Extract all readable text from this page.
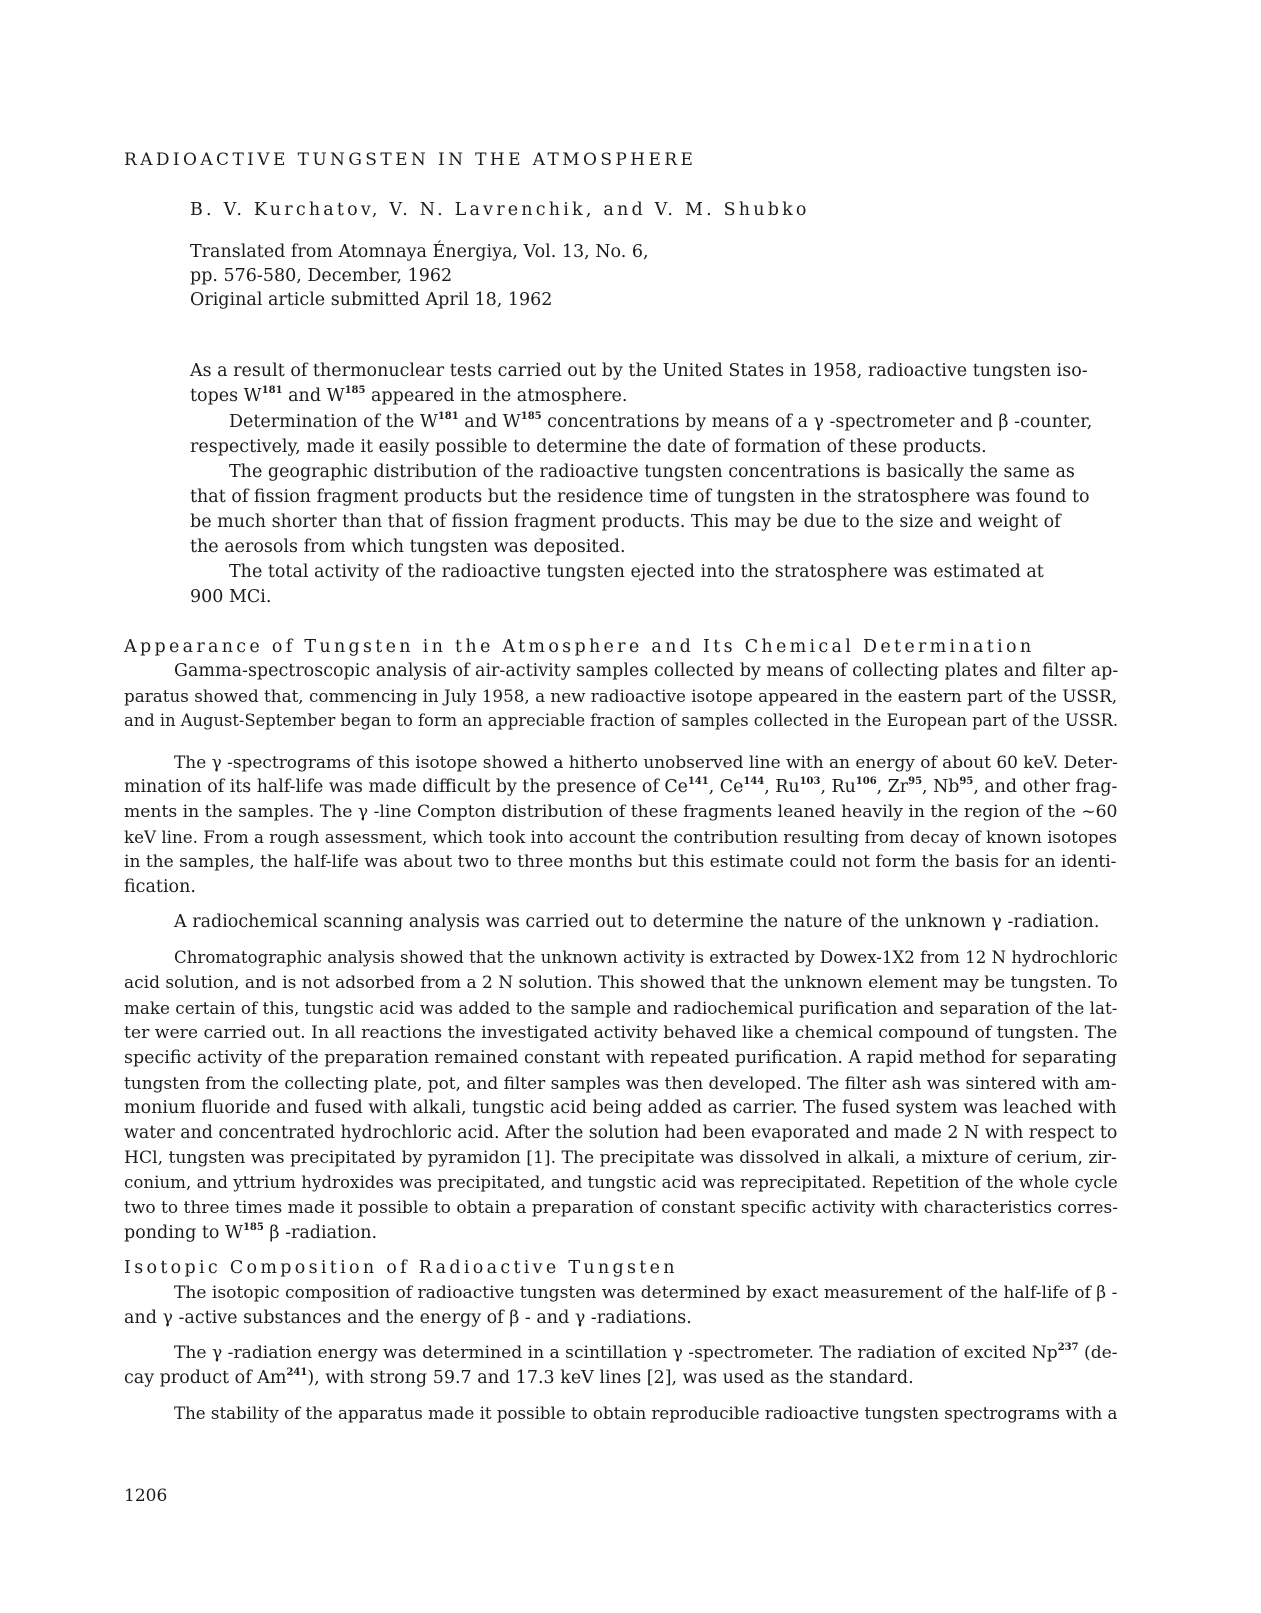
RADIOACTIVE TUNGSTEN IN THE ATMOSPHERE
B. V. Kurchatov, V. N. Lavrenchik, and V. M. Shubko
Translated from Atomnaya Énergiya, Vol. 13, No. 6,
pp. 576-580, December, 1962
Original article submitted April 18, 1962
As a result of thermonuclear tests carried out by the United States in 1958, radioactive tungsten iso-
topes $W^{181}$ and $W^{185}$ appeared in the atmosphere.
Determination of the $W^{181}$ and $W^{185}$ concentrations by means of a γ -spectrometer and β -counter,
respectively, made it easily possible to determine the date of formation of these products.
The geographic distribution of the radioactive tungsten concentrations is basically the same as
that of fission fragment products but the residence time of tungsten in the stratosphere was found to
be much shorter than that of fission fragment products. This may be due to the size and weight of
the aerosols from which tungsten was deposited.
The total activity of the radioactive tungsten ejected into the stratosphere was estimated at
900 MCi.
Appearance of Tungsten in the Atmosphere and Its Chemical Determination
Gamma-spectroscopic analysis of air-activity samples collected by means of collecting plates and filter ap-
paratus showed that, commencing in July 1958, a new radioactive isotope appeared in the eastern part of the USSR,
and in August-September began to form an appreciable fraction of samples collected in the European part of the USSR.
The γ -spectrograms of this isotope showed a hitherto unobserved line with an energy of about 60 keV. Deter-
mination of its half-life was made difficult by the presence of Ce$^{141}$, Ce$^{144}$, Ru$^{103}$, Ru$^{106}$, Zr$^{95}$, Nb$^{95}$, and other frag-
ments in the samples. The γ -line Compton distribution of these fragments leaned heavily in the region of the ~60
keV line. From a rough assessment, which took into account the contribution resulting from decay of known isotopes
in the samples, the half-life was about two to three months but this estimate could not form the basis for an identi-
fication.
A radiochemical scanning analysis was carried out to determine the nature of the unknown γ -radiation.
Chromatographic analysis showed that the unknown activity is extracted by Dowex-1X2 from 12 N hydrochloric
acid solution, and is not adsorbed from a 2 N solution. This showed that the unknown element may be tungsten. To
make certain of this, tungstic acid was added to the sample and radiochemical purification and separation of the lat-
ter were carried out. In all reactions the investigated activity behaved like a chemical compound of tungsten. The
specific activity of the preparation remained constant with repeated purification. A rapid method for separating
tungsten from the collecting plate, pot, and filter samples was then developed. The filter ash was sintered with am-
monium fluoride and fused with alkali, tungstic acid being added as carrier. The fused system was leached with
water and concentrated hydrochloric acid. After the solution had been evaporated and made 2 N with respect to
HCl, tungsten was precipitated by pyramidon [1]. The precipitate was dissolved in alkali, a mixture of cerium, zir-
conium, and yttrium hydroxides was precipitated, and tungstic acid was reprecipitated. Repetition of the whole cycle
two to three times made it possible to obtain a preparation of constant specific activity with characteristics corres-
ponding to $W^{185}$ β -radiation.
Isotopic Composition of Radioactive Tungsten
The isotopic composition of radioactive tungsten was determined by exact measurement of the half-life of β -
and γ -active substances and the energy of β - and γ -radiations.
The γ -radiation energy was determined in a scintillation γ -spectrometer. The radiation of excited Np$^{237}$ (de-
cay product of Am$^{241}$), with strong 59.7 and 17.3 keV lines [2], was used as the standard.
The stability of the apparatus made it possible to obtain reproducible radioactive tungsten spectrograms with a
1206
